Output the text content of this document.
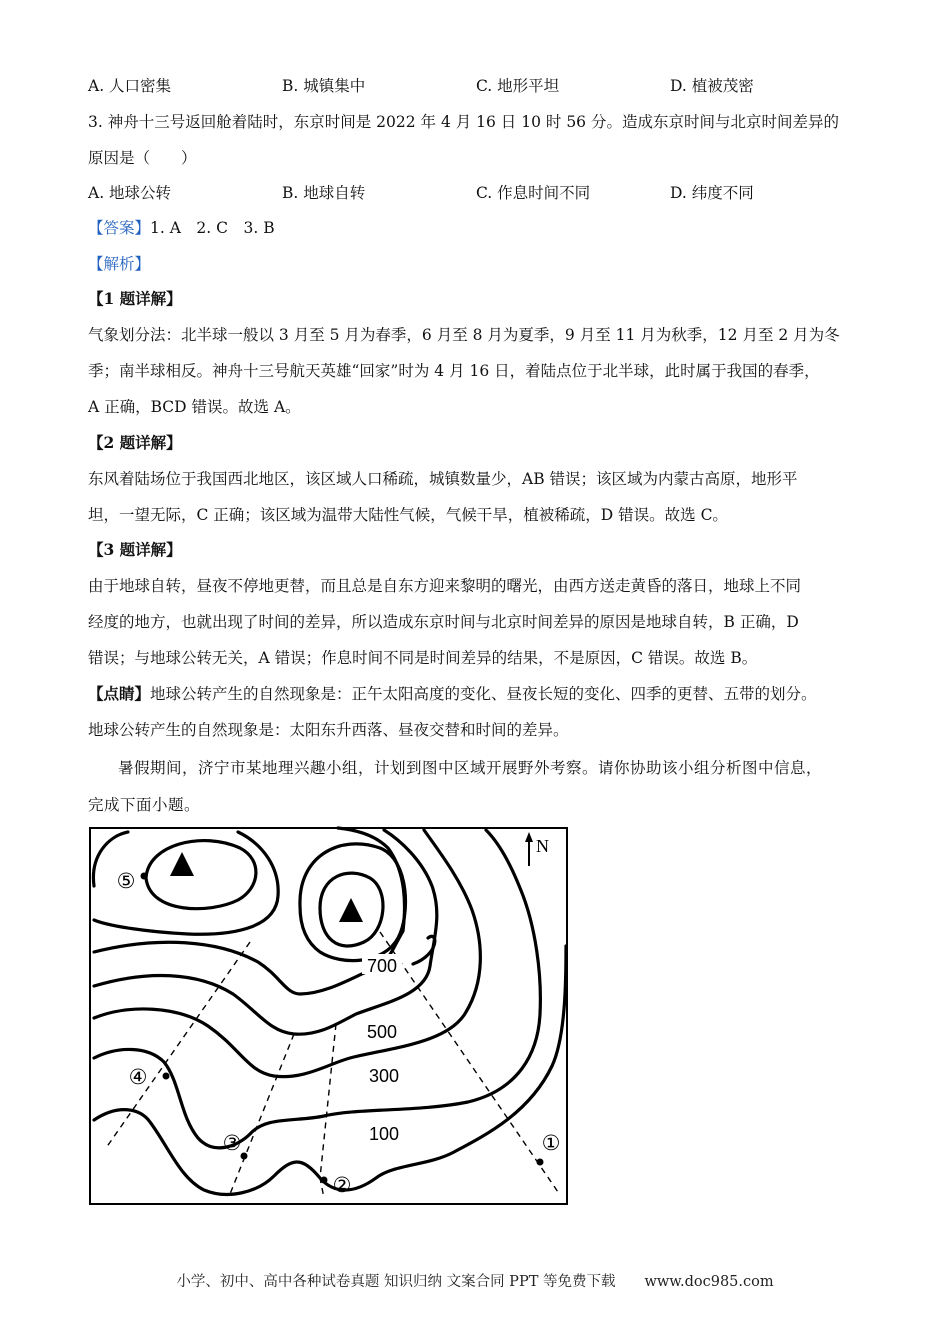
A. 人口密集	B. 城镇集中	C. 地形平坦	D. 植被茂密
3. 神舟十三号返回舱着陆时，东京时间是 2022 年 4 月 16 日 10 时 56 分。造成东京时间与北京时间差异的
原因是（　　）
A. 地球公转	B. 地球自转	C. 作息时间不同	D. 纬度不同
【答案】1. A　2. C　3. B
【解析】
【1 题详解】
气象划分法：北半球一般以 3 月至 5 月为春季，6 月至 8 月为夏季，9 月至 11 月为秋季，12 月至 2 月为冬
季；南半球相反。神舟十三号航天英雄“回家”时为 4 月 16 日，着陆点位于北半球，此时属于我国的春季，
A 正确，BCD 错误。故选 A。
【2 题详解】
东风着陆场位于我国西北地区，该区域人口稀疏，城镇数量少，AB 错误；该区域为内蒙古高原，地形平
坦，一望无际，C 正确；该区域为温带大陆性气候，气候干旱，植被稀疏，D 错误。故选 C。
【3 题详解】
由于地球自转，昼夜不停地更替，而且总是自东方迎来黎明的曙光，由西方送走黄昏的落日，地球上不同
经度的地方，也就出现了时间的差异，所以造成东京时间与北京时间差异的原因是地球自转，B 正确，D
错误；与地球公转无关，A 错误；作息时间不同是时间差异的结果，不是原因，C 错误。故选 B。
【点睛】地球公转产生的自然现象是：正午太阳高度的变化、昼夜长短的变化、四季的更替、五带的划分。
地球公转产生的自然现象是：太阳东升西落、昼夜交替和时间的差异。
暑假期间，济宁市某地理兴趣小组，计划到图中区域开展野外考察。请你协助该小组分析图中信息，
完成下面小题。
N
700
500
300
100
⑤
④
③
②
①
小学、初中、高中各种试卷真题 知识归纳 文案合同 PPT 等免费下载　　www.doc985.com
